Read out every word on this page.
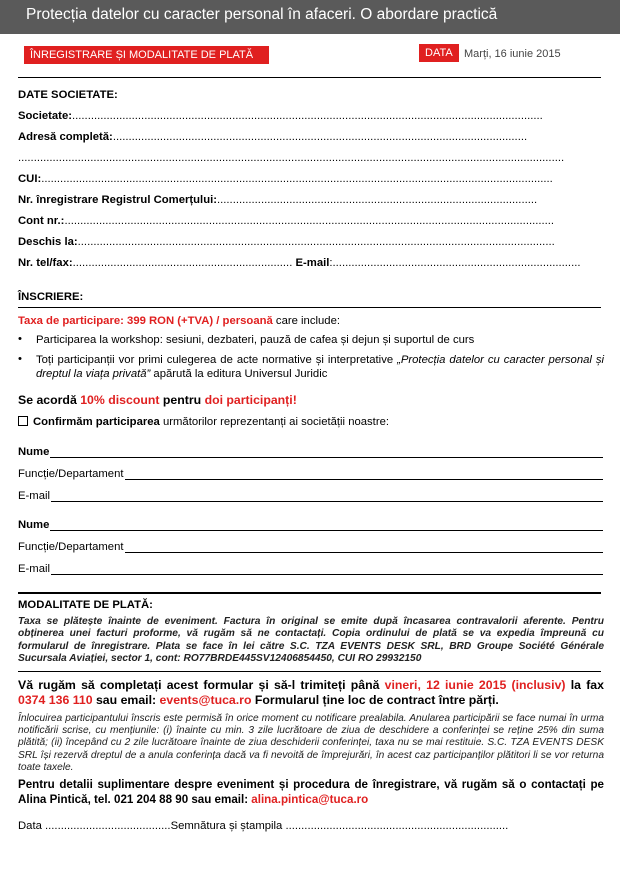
Protecția datelor cu caracter personal în afaceri. O abordare practică
ÎNREGISTRARE ȘI MODALITATE DE PLATĂ	DATA	Marți, 16 iunie 2015
DATE SOCIETATE:
Societate:......................................................................................................................................................
Adresă completă:....................................................................................................................................
..............................................................................................................................................................................
CUI:...................................................................................................................................................................
Nr. înregistrare Registrul Comerțului:......................................................................................................
Cont nr.:............................................................................................................................................................
Deschis la:........................................................................................................................................................
Nr. tel/fax:...................................................................... E-mail:...............................................................................
ÎNSCRIERE:
Taxa de participare: 399 RON (+TVA) / persoană care include:
• Participarea la workshop: sesiuni, dezbateri, pauză de cafea și dejun și suportul de curs
• Toți participanții vor primi culegerea de acte normative și interpretative „Protecția datelor cu caracter personal și dreptul la viața privată” apărută la editura Universul Juridic
Se acordă 10% discount pentru doi participanți!
Confirmăm participarea următorilor reprezentanți ai societății noastre:
Nume
Funcție/Departament
E-mail
Nume
Funcție/Departament
E-mail
MODALITATE DE PLATĂ:
Taxa se plătește înainte de eveniment. Factura în original se emite după încasarea contravalorii aferente. Pentru obținerea unei facturi proforme, vă rugăm să ne contactați. Copia ordinului de plată se va expedia împreună cu formularul de înregistrare. Plata se face în lei către S.C. TZA EVENTS DESK SRL, BRD Groupe Société Générale Sucursala Aviației, sector 1, cont: RO77BRDE445SV12406854450, CUI RO 29932150
Vă rugăm să completați acest formular și să-l trimiteți până vineri, 12 iunie 2015 (inclusiv) la fax 0374 136 110 sau email: events@tuca.ro Formularul ține loc de contract între părți.
Înlocuirea participantului înscris este permisă în orice moment cu notificare prealabila. Anularea participării se face numai în urma notificării scrise, cu mențiunile: (i) înainte cu min. 3 zile lucrătoare de ziua de deschidere a conferinței se reține 25% din suma plătită; (ii) începând cu 2 zile lucrătoare înainte de ziua deschiderii conferinței, taxa nu se mai restituie. S.C. TZA EVENTS DESK SRL își rezervă dreptul de a anula conferința dacă va fi nevoită de împrejurări, în acest caz participanților plătitori li se vor returna toate taxele.
Pentru detalii suplimentare despre eveniment și procedura de înregistrare, vă rugăm să o contactați pe Alina Pintică, tel. 021 204 88 90 sau email: alina.pintica@tuca.ro
Data ........................................Semnătura și ștampila .......................................................................
